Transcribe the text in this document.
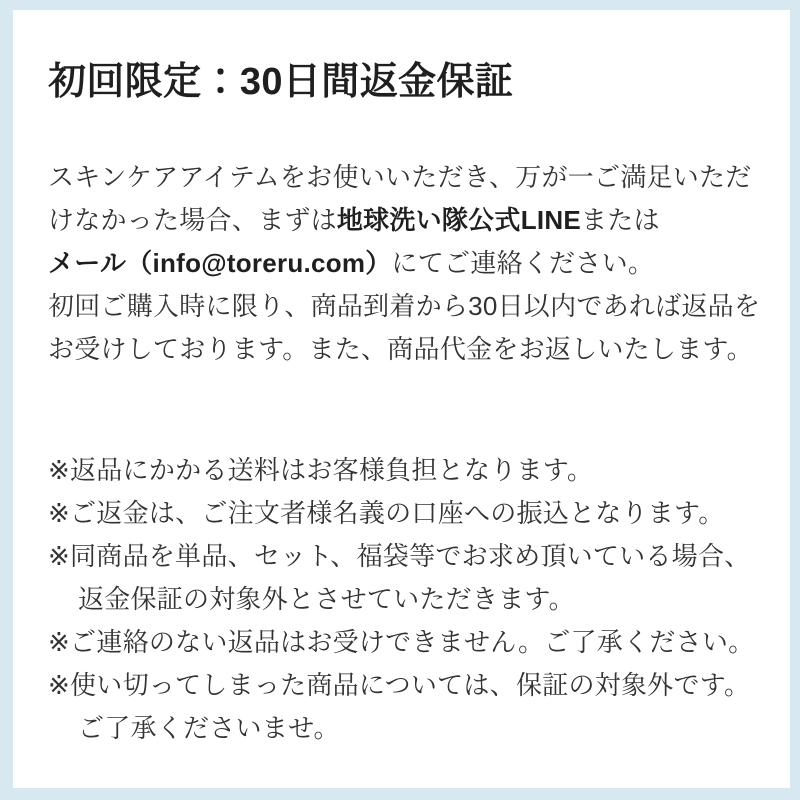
初回限定：30日間返金保証
スキンケアアイテムをお使いいただき、万が一ご満足いただ
けなかった場合、まずは地球洗い隊公式LINEまたは
メール（info@toreru.com）にてご連絡ください。
初回ご購入時に限り、商品到着から30日以内であれば返品を
お受けしております。また、商品代金をお返しいたします。
※返品にかかる送料はお客様負担となります。
※ご返金は、ご注文者様名義の口座への振込となります。
※同商品を単品、セット、福袋等でお求め頂いている場合、
返金保証の対象外とさせていただきます。
※ご連絡のない返品はお受けできません。ご了承ください。
※使い切ってしまった商品については、保証の対象外です。
ご了承くださいませ。
